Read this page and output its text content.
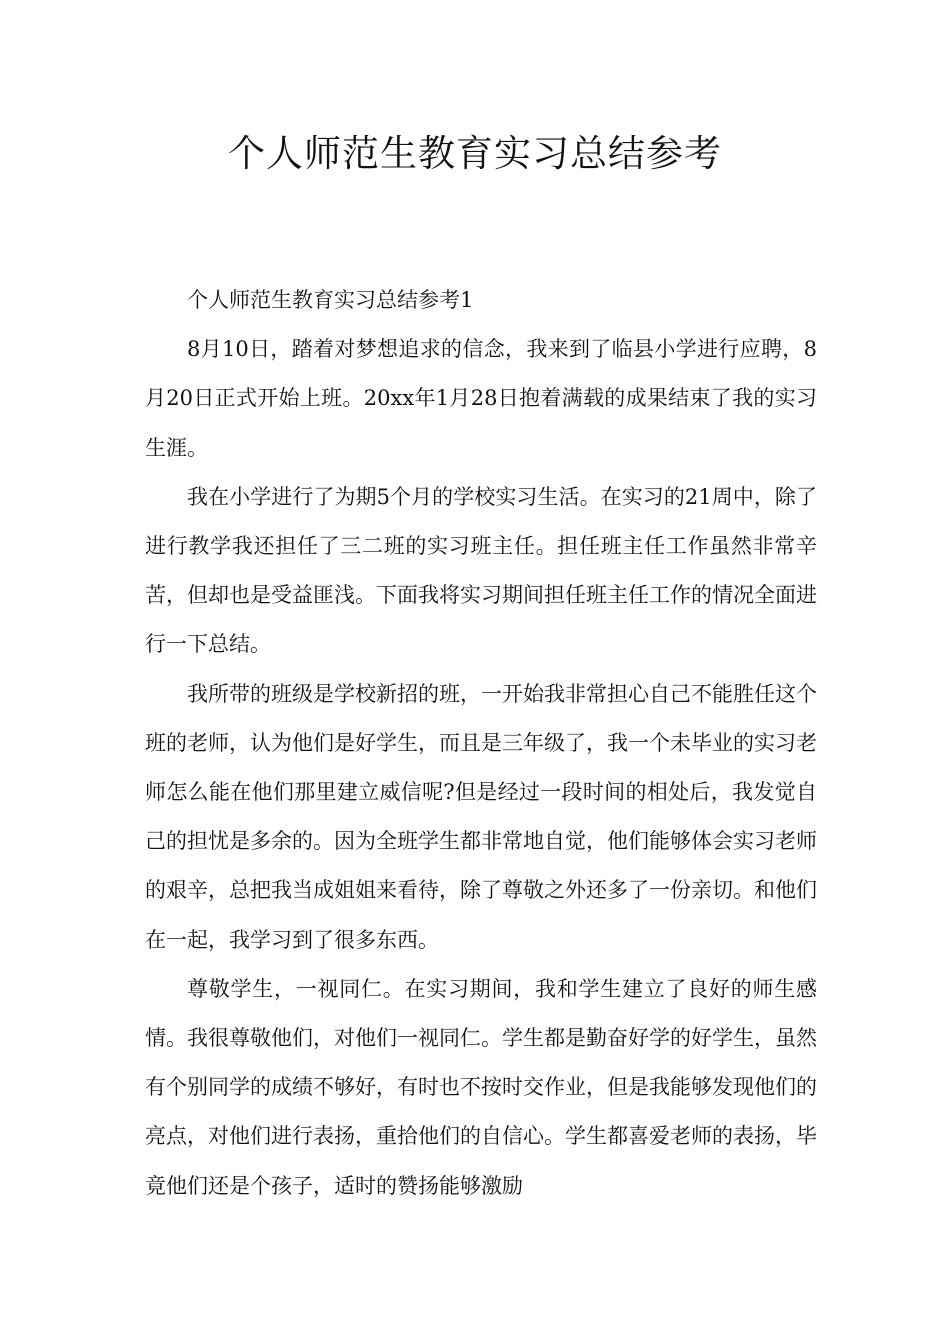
个人师范生教育实习总结参考

个人师范生教育实习总结参考1

8月10日，踏着对梦想追求的信念，我来到了临县小学进行应聘，8月20日正式开始上班。20xx年1月28日抱着满载的成果结束了我的实习生涯。

我在小学进行了为期5个月的学校实习生活。在实习的21周中，除了进行教学我还担任了三二班的实习班主任。担任班主任工作虽然非常辛苦，但却也是受益匪浅。下面我将实习期间担任班主任工作的情况全面进行一下总结。

我所带的班级是学校新招的班，一开始我非常担心自己不能胜任这个班的老师，认为他们是好学生，而且是三年级了，我一个未毕业的实习老师怎么能在他们那里建立威信呢?但是经过一段时间的相处后，我发觉自己的担忧是多余的。因为全班学生都非常地自觉，他们能够体会实习老师的艰辛，总把我当成姐姐来看待，除了尊敬之外还多了一份亲切。和他们在一起，我学习到了很多东西。

尊敬学生，一视同仁。在实习期间，我和学生建立了良好的师生感情。我很尊敬他们，对他们一视同仁。学生都是勤奋好学的好学生，虽然有个别同学的成绩不够好，有时也不按时交作业，但是我能够发现他们的亮点，对他们进行表扬，重拾他们的自信心。学生都喜爱老师的表扬，毕竟他们还是个孩子，适时的赞扬能够激励
